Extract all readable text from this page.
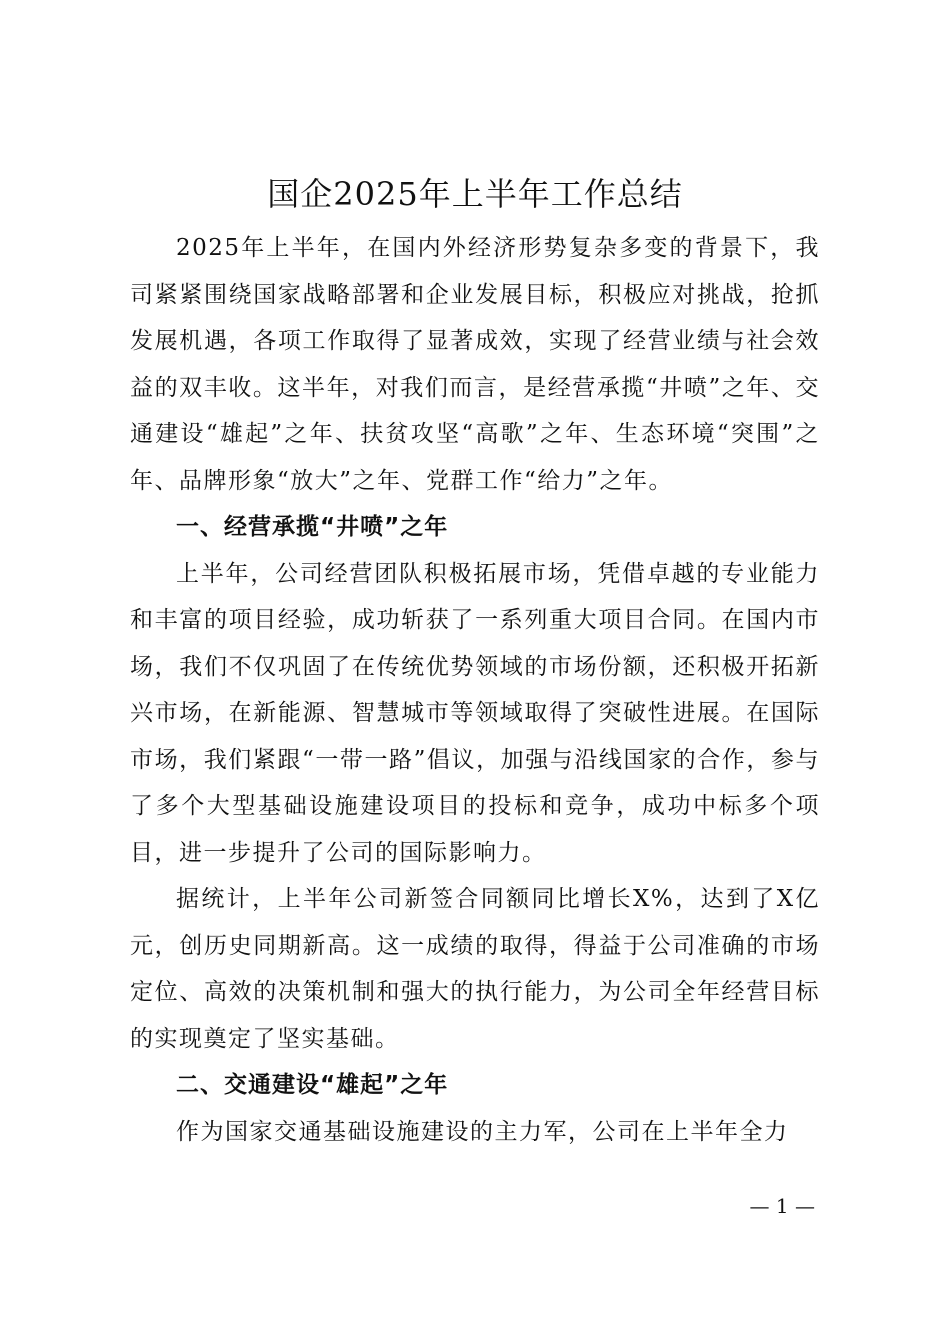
国企2025年上半年工作总结

2025年上半年，在国内外经济形势复杂多变的背景下，我司紧紧围绕国家战略部署和企业发展目标，积极应对挑战，抢抓发展机遇，各项工作取得了显著成效，实现了经营业绩与社会效益的双丰收。这半年，对我们而言，是经营承揽“井喷”之年、交通建设“雄起”之年、扶贫攻坚“高歌”之年、生态环境“突围”之年、品牌形象“放大”之年、党群工作“给力”之年。

一、经营承揽“井喷”之年

上半年，公司经营团队积极拓展市场，凭借卓越的专业能力和丰富的项目经验，成功斩获了一系列重大项目合同。在国内市场，我们不仅巩固了在传统优势领域的市场份额，还积极开拓新兴市场，在新能源、智慧城市等领域取得了突破性进展。在国际市场，我们紧跟“一带一路”倡议，加强与沿线国家的合作，参与了多个大型基础设施建设项目的投标和竞争，成功中标多个项目，进一步提升了公司的国际影响力。

据统计，上半年公司新签合同额同比增长X%，达到了X亿元，创历史同期新高。这一成绩的取得，得益于公司准确的市场定位、高效的决策机制和强大的执行能力，为公司全年经营目标的实现奠定了坚实基础。

二、交通建设“雄起”之年

作为国家交通基础设施建设的主力军，公司在上半年全力

— 1 —
